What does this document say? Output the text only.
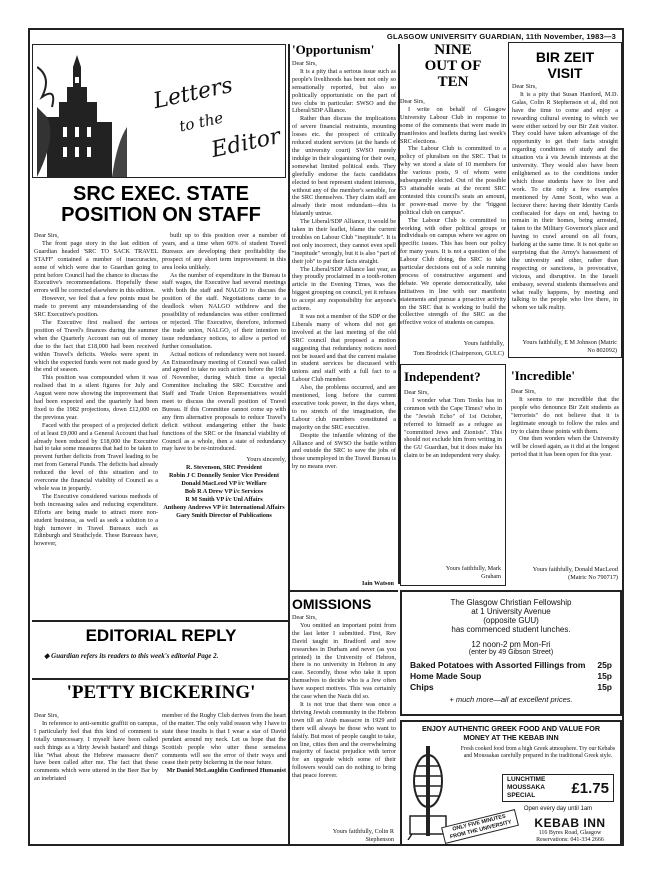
GLASGOW UNIVERSITY GUARDIAN, 11th November, 1983—3
Letters
to the
Editor
SRC EXEC. STATE POSITION ON STAFF
Dear Sirs,

The front page story in the last edition of Guardian headed 'SRC TO SACK TRAVEL STAFF' contained a number of inaccuracies, some of which were due to Guardian going to print before Council had the chance to discuss the Executive's recommendations. Hopefully these errors will be corrected elsewhere in this edition.

However, we feel that a few points must be made to prevent any misunderstanding of the SRC Executive's position.

The Executive first realised the serious position of Travel's finances during the summer when the Quarterly Account ran out of money due to the fact that £18,000 had been received within Travel's deficits. Weeks were spent in which the expected funds were not made good by the end of season.

This position was compounded when it was realised that in a silent figures for July and August were now showing the improvement that had been expected and the quarterly had been fixed to the 1982 projections, down £12,000 on the previous year.

Faced with the prospect of a projected deficit of at least £9,000 and a General Account that had already been reduced by £18,000 the Executive had to take some measures that had to be taken to prevent further deficits from Travel leading to be met from General Funds. The deficits had already reduced the level of this situation and to overcome the financial viability of Council as a whole was in jeopardy.

The Executive considered various methods of both increasing sales and reducing expenditure. Efforts are being made to attract more non-student business, as well as seek a solution to a high turnover in Travel Bureaux such as Edinburgh and Strathclyde. These Bureaux have, however,

built up to this position over a number of years, and a time when 60% of student Travel Bureaux are developing their profitability the prospect of any short term improvement in this area looks unlikely.

As the number of expenditure in the Bureau is staff wages, the Executive had several meetings with both the staff and NALGO to discuss the position of the staff. Negotiations came to a deadlock when NALGO withdrew and the possibility of redundancies was either confirmed or rejected. The Executive, therefore, informed the trade union, NALGO, of their intention to issue redundancy notices, to allow a period of further consultation.

Actual notices of redundancy were not issued. An Extraordinary meeting of Council was called and agreed to take no such action before the 16th of November, during which time a special Committee including the SRC Executive and Staff and Trade Union Representatives would meet to discuss the overall position of Travel Bureau. If this Committee cannot come up with any firm alternative proposals to reduce Travel's deficit without endangering either the basic functions of the SRC or the financial viability of Council as a whole, then a state of redundancy may have to be re-introduced.

Yours sincerely,
R. Stevenson, SRC President
Robin J C Donnelly Senior Vice President
Donald MacLeod VP i/c Welfare
Bob R A Drew VP i/c Services
R M Smith VP i/c Unl Affairs
Anthony Andrews VP i/c International Affairs
Gary Smith Director of Publications
EDITORIAL REPLY
◆ Guardian refers its readers to this week's editorial Page 2.
'PETTY BICKERING'
Dear Sirs,

In reference to anti-semitic graffiti on campus, I particularly feel that this kind of comment is totally unnecessary. I myself have been called such things as a 'dirty Jewish bastard' and things like 'What about the Hebrew massacre then?' have been called after me. The fact that these comments which were uttered in the Beer Bar by an inebriated

member of the Rugby Club derives from the heart of the matter. The only valid reason why I have to state these insults is that I wear a star of David pendant around my neck. Let us hope that the Scottish people who utter these senseless comments will see the error of their ways and cease their petty bickering in the near future.

Mr Daniel McLaughlin Confirmed Humanist
'Opportunism'
Dear Sirs,

It is a pity that a serious issue such as people's livelihoods has been not only so sensationally reported, but also so politically opportunistic on the part of two clubs in particular: SWSO and the Liberal/SDP Alliance.

Rather than discuss the implications of severe financial restraints, mounting losses etc. the prospect of critically reduced student services (at the hands of the university court) SWSO merely indulge in their sloganising for their own, somewhat limited political ends. They gleefully endorse the facts candidates elected to best represent student interests, without any of the member's sensible, for the SRC themselves. They claim staff are already their most redundant—this is blatantly untrue.

The Liberal/SDP Alliance, it would be taken in their leaflet, blame the current troubles on Labour Club "inepitude". It is not only incorrect, they cannot even spell "inepitude" wrongly, but it is also "part of their job" to put their facts straight.

The Liberal/SDP Alliance last year, as they proudly proclaimed in a tooth-rotten article in the Evening Times, was the biggest grouping on council, yet it refuses to accept any responsibility for anyone's actions.

It was not a member of the SDP or the Liberals many of whom did not get involved at the last meeting of the old SRC council that proposed a motion suggesting that redundancy notices need not be issued and that the current malaise in student services be discussed with unions and staff with a full fact to a Labour Club member.

Also, the problems occurred, and are mentioned, long before the current executive took power, in the days when, to no stretch of the imagination, the Labour club members constituted a majority on the SRC executive.

Despite the infantile whining of the Alliance and of SWSO the battle within and outside the SRC to save the jobs of those unemployed in the Travel Bureau is by no means over.

Iain Watson
NINE
OUT OF
TEN
Dear Sirs,

I write on behalf of Glasgow University Labour Club in response to some of the comments that were made in manifestos and leaflets during last week's SRC elections.

The Labour Club is committed to a policy of pluralism on the SRC. That is why we stood a slate of 10 members for the various posts, 9 of whom were subsequently elected. Out of the possible 53 attainable seats at the recent SRC contested this council's seats an amount, or power-mad move by the "biggest political club on campus".

The Labour Club is committed to working with other political groups or individuals on campus where we agree on specific issues. This has been our policy for many years. It is not a question of the Labour Club doing, the SRC to take particular decisions out of a sole running process of constructive argument and debate. We operate democratically, take initiatives in line with our manifesto statements and pursue a proactive activity on the SRC that is working to build the collective strength of the SRC as the effective voice of students on campus.

Yours faithfully,
Tom Brodrick (Chairperson, GULC)
BIR ZEIT VISIT
Dear Sirs,

It is a pity that Susan Hanford, M.D. Galas, Colin R Stephenson et al, did not have the time to come and enjoy a rewarding cultural evening to which we were either seized by our Bir Zeit visitor. They could have taken advantage of the opportunity to get their facts straight regarding conditions of study and the situation vis à vis Jewish interests at the university. They would also have been enlightened as to the conditions under which those students have to live and work. To cite only a few examples mentioned by Anne Scott, who was a lecturer there: having their Identity Cards confiscated for days on end, having to remain in their homes, being arrested, taken to the Military Governor's place and having to crawl around on all fours, barking at the same time. It is not quite so surprising that the Army's harassment of the university and other, rather than respecting or sanctions, is provocative, vicious, and disruptive. In the Israeli embassy, several students themselves and what really happens, by meeting and talking to the people who live there, in whom we talk reality.

Yours faithfully, E M Johnson (Matric No 802092)
Independent?
Dear Sirs,

I wonder what Tom Tonks has in common with the Cape Times? who in the "Jewish Echo" of 1st October, referred to himself as a refugee as "committed Jews and Zionists". This should not exclude him from writing in the GU Guardian, but it does make his claim to be an independent very shaky.

Yours faithfully, Mark Graham
'Incredible'
Dear Sirs,

It seems to me incredible that the people who denounce Bir Zeit students as "terrorists" do not believe that it is legitimate enough to follow the rules and try to claim these points with them.

One then wonders when the University will be closed again, as it did at the longest period that it has been open for this year.

Yours faithfully, Donald MacLeod (Matric No 790717)
OMISSIONS
Dear Sirs,

You omitted an important point from the last letter I submitted. First, Rev David taught in Bradford and now researches in Durham and never (as you printed) in the University of Hebron, there is no university in Hebron in any case. Secondly, those who take it upon themselves to decide who is a Jew often have suspect motives. This was certainly the case when the Nazis did so.

It is not true that there was once a thriving Jewish community in the Hebron town till an Arab massacre in 1929 and there will always be those who want to falsify. But most of people caught to take, on line, cities then and the overwhelming majority of fascist prejudice with terror for an upgrade which some of their followers would can do nothing to bring that peace forever.

Yours faithfully, Colin R Stephenson
The Glasgow Christian Fellowship
at 1 University Avenue
(opposite GUU)
has commenced student lunches.
12 noon-2 pm Mon-Fri
(enter by 49 Gibson Street)
Baked Potatoes with Assorted Fillings from 25p
Home Made Soup	15p
Chips	15p
+ much more—all at excellent prices.
ENJOY AUTHENTIC GREEK FOOD AND VALUE FOR MONEY AT THE KEBAB INN
Fresh cooked food from a high Greek atmosphere. Try our Kebabs and Moussakas carefully prepared in the traditional Greek style.
LUNCHTIME MOUSSAKA SPECIAL	£1.75
Open every day until 1am
KEBAB INN
ONLY FIVE MINUTES FROM THE UNIVERSITY	116 Byres Road, Glasgow
Reservations: 041-334 2666
